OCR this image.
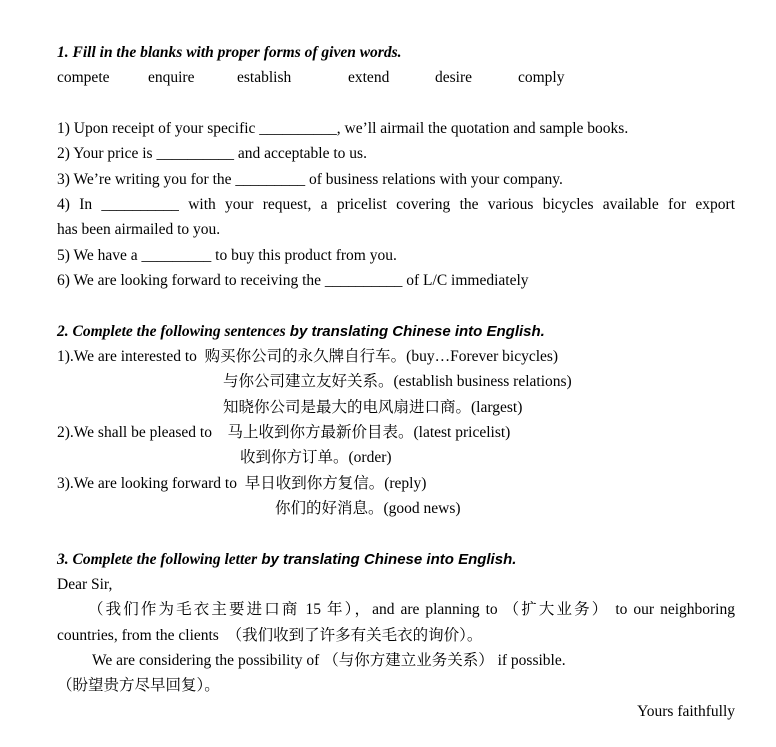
1. Fill in the blanks with proper forms of given words.
compete enquire	establish	extend	desire	comply
1) Upon receipt of your specific __________, we’ll airmail the quotation and sample books.
2) Your price is __________ and acceptable to us.
3) We’re writing you for the _________ of business relations with your company.
4) In __________ with your request, a pricelist covering the various bicycles available for export
has been airmailed to you.
5) We have a _________ to buy this product from you.
6) We are looking forward to receiving the __________ of L/C immediately
2. Complete the following sentences by translating Chinese into English.
1).We are interested to  购买你公司的永久牌自行车。(buy…Forever bicycles)
与你公司建立友好关系。(establish business relations)
知晓你公司是最大的电风扇进口商。(largest)
2).We shall be pleased to    马上收到你方最新价目表。(latest pricelist)
收到你方订单。(order)
3).We are looking forward to  早日收到你方复信。(reply)
你们的好消息。(good news)
3. Complete the following letter by translating Chinese into English.
Dear Sir,
（我们作为毛衣主要进口商 15 年），and are planning to （扩大业务） to our neighboring
countries, from the clients  （我们收到了许多有关毛衣的询价）。
We are considering the possibility of （与你方建立业务关系） if possible.
（盼望贵方尽早回复）。
Yours faithfully
